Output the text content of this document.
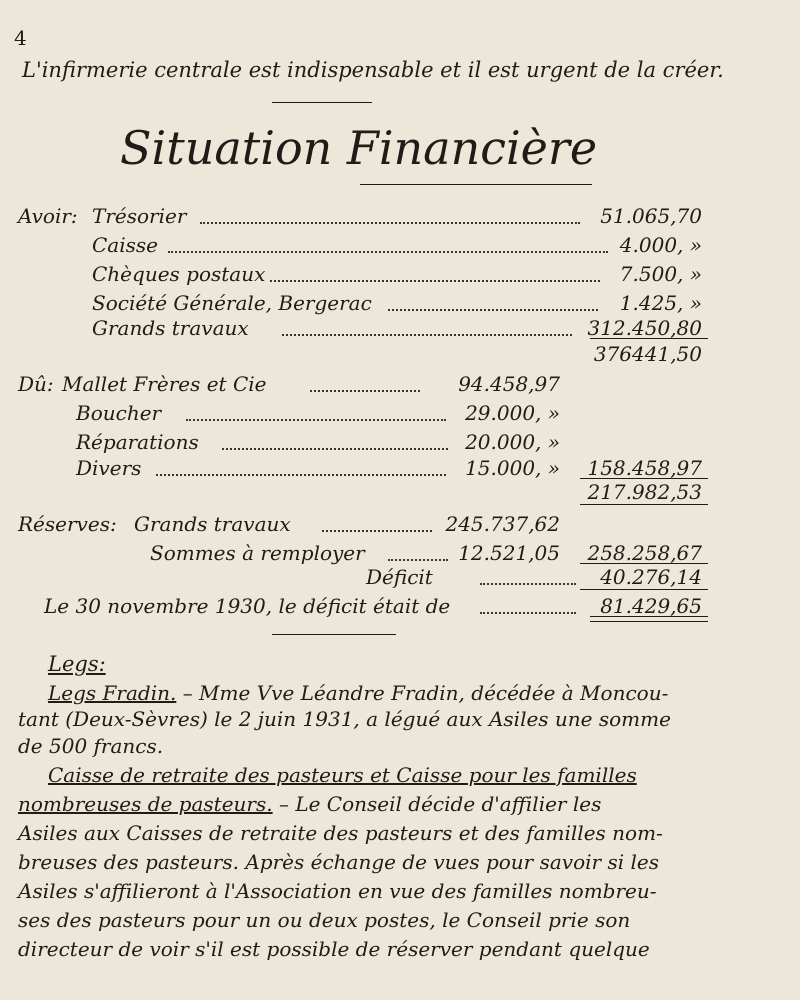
4
L'infirmerie centrale est indispensable et il est urgent de la créer.
Situation Financière
Avoir: Trésorier	51.065,70
Caisse	4.000, »
Chèques postaux	7.500, »
Société Générale, Bergerac	1.425, »
Grands travaux	312.450,80
376441,50
Dû: Mallet Frères et Cie	94.458,97
Boucher	29.000, »
Réparations	20.000, »
Divers	15.000, » 158.458,97
217.982,53
Réserves: Grands travaux	245.737,62
Sommes à remployer	12.521,05 258.258,67
Déficit	40.276,14
Le 30 novembre 1930, le déficit était de	81.429,65
Legs:
Legs Fradin. – Mme Vve Léandre Fradin, décédée à Moncou-
tant (Deux-Sèvres) le 2 juin 1931, a légué aux Asiles une somme
de 500 francs.
Caisse de retraite des pasteurs et Caisse pour les familles
nombreuses de pasteurs. – Le Conseil décide d'affilier les
Asiles aux Caisses de retraite des pasteurs et des familles nom-
breuses des pasteurs. Après échange de vues pour savoir si les
Asiles s'affilieront à l'Association en vue des familles nombreu-
ses des pasteurs pour un ou deux postes, le Conseil prie son
directeur de voir s'il est possible de réserver pendant quelque
